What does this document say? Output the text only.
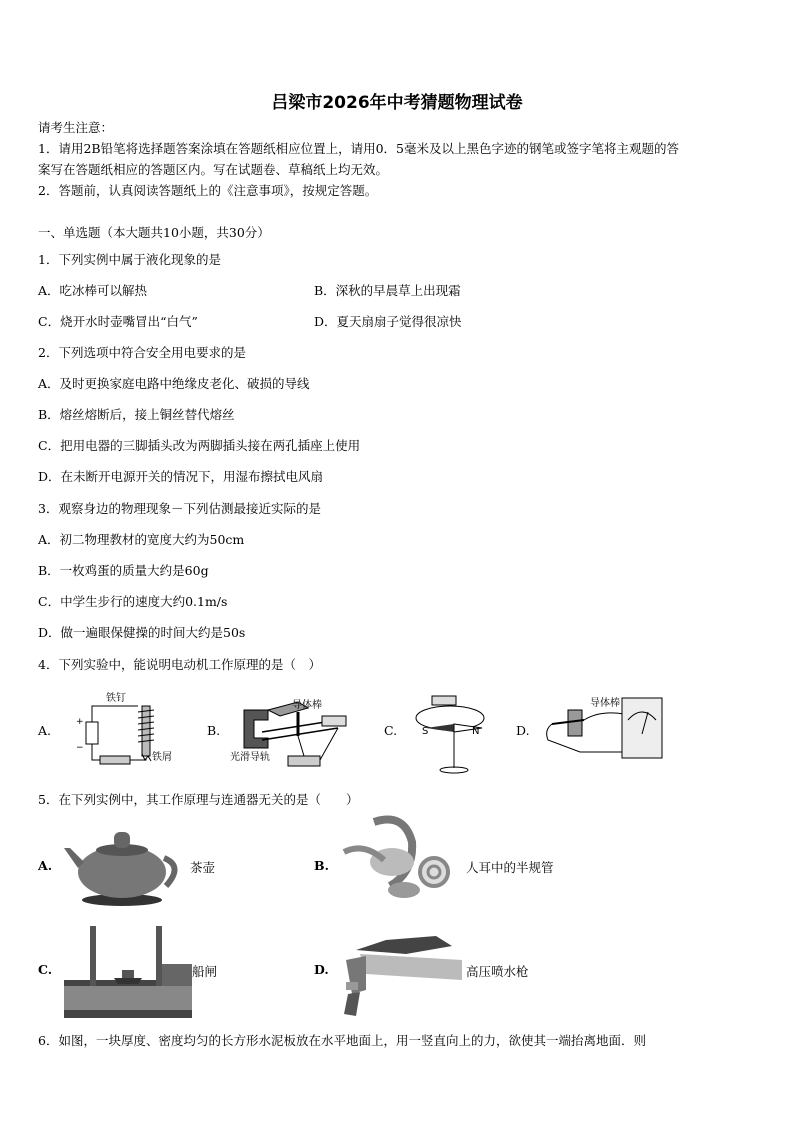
吕梁市2026年中考猜题物理试卷
请考生注意：
1．请用2B铅笔将选择题答案涂填在答题纸相应位置上，请用0．5毫米及以上黑色字迹的钢笔或签字笔将主观题的答
案写在答题纸相应的答题区内。写在试题卷、草稿纸上均无效。
2．答题前，认真阅读答题纸上的《注意事项》，按规定答题。
一、单选题（本大题共10小题，共30分）
1．下列实例中属于液化现象的是
A．吃冰棒可以解热	B．深秋的早晨草上出现霜
C．烧开水时壶嘴冒出“白气”	D．夏天扇扇子觉得很凉快
2．下列选项中符合安全用电要求的是
A．及时更换家庭电路中绝缘皮老化、破损的导线
B．熔丝熔断后，接上铜丝替代熔丝
C．把用电器的三脚插头改为两脚插头接在两孔插座上使用
D．在未断开电源开关的情况下，用湿布擦拭电风扇
3．观察身边的物理现象－下列估测最接近实际的是
A．初二物理教材的宽度大约为50cm
B．一枚鸡蛋的质量大约是60g
C．中学生步行的速度大约0.1m/s
D．做一遍眼保健操的时间大约是50s
4．下列实验中，能说明电动机工作原理的是（　）
A.
+
−
铁钉
铁屑
B.
导体棒
光滑导轨
C. S	N	D.
导体棒
5．在下列实例中，其工作原理与连通器无关的是（　　）
A.	茶壶	B.	人耳中的半规管
C.	船闸	D.	高压喷水枪
6．如图，一块厚度、密度均匀的长方形水泥板放在水平地面上，用一竖直向上的力，欲使其一端抬离地面．则
